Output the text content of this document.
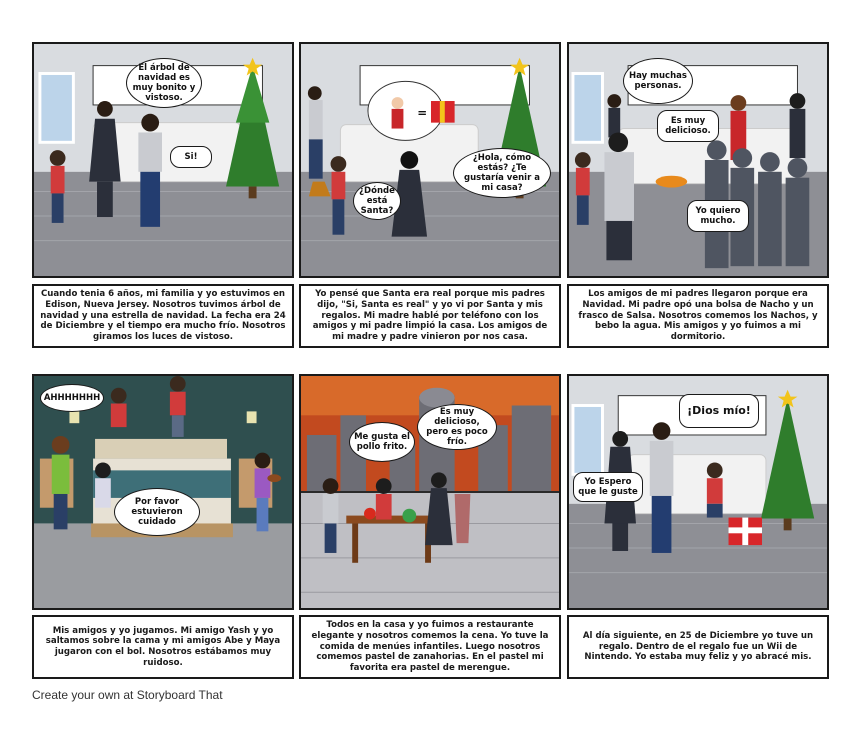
El árbol de navidad es muy bonito y vistoso.
Si!
Cuando tenia 6 años, mi familia y yo estuvimos en Edison, Nueva Jersey. Nosotros tuvimos árbol de navidad y una estrella de navidad. La fecha era 24 de Diciembre y el tiempo era mucho frío. Nosotros giramos los luces de vistoso.
=
¿Hola, cómo estás? ¿Te gustaría venir a mi casa?
¿Dónde está Santa?
Yo pensé que Santa era real porque mis padres dijo, "Si, Santa es real" y yo vi por Santa y mis regalos. Mi madre hablé por teléfono con los amigos y mi padre limpió la casa. Los amigos de mi madre y padre vinieron por nos casa.
Hay muchas personas.
Es muy delicioso.
Yo quiero mucho.
Los amigos de mi padres llegaron porque era Navidad. Mi padre opó una bolsa de Nacho y un frasco de Salsa. Nosotros comemos los Nachos, y bebo la agua. Mis amigos y yo fuimos a mi dormitorio.
AHHHHHHH
Por favor estuvieron cuidado
Mis amigos y yo jugamos. Mi amigo Yash y yo saltamos sobre la cama y mi amigos Abe y Maya jugaron con el bol. Nosotros estábamos muy ruidoso.
Me gusta el pollo frito.
Es muy delicioso, pero es poco frío.
Todos en la casa y yo fuimos a restaurante elegante y nosotros comemos la cena. Yo tuve la comida de menúes infantiles. Luego nosotros comemos pastel de zanahorias. En el pastel mi favorita era pastel de merengue.
¡Dios mío!
Yo Espero que le guste
Al día siguiente, en 25 de Diciembre yo tuve un regalo. Dentro de el regalo fue un Wii de Nintendo. Yo estaba muy feliz y yo abracé mis.
Create your own at Storyboard That
